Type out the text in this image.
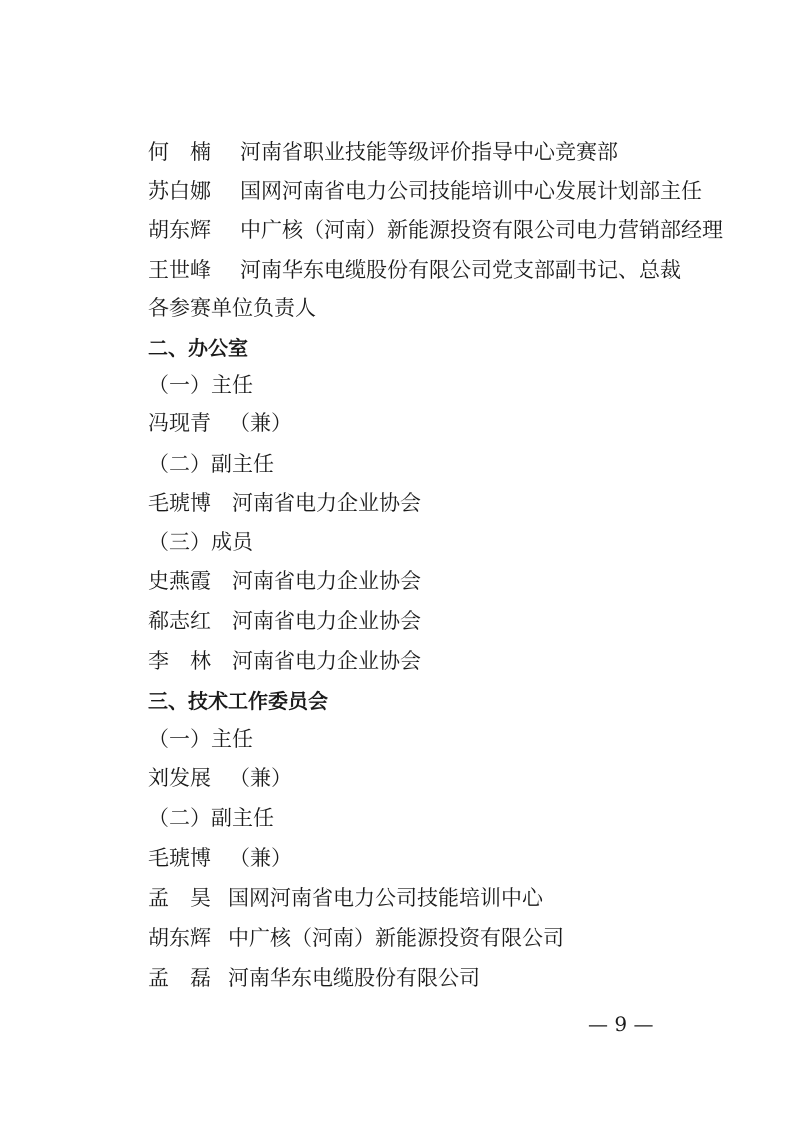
何　楠 河南省职业技能等级评价指导中心竞赛部
苏白娜 国网河南省电力公司技能培训中心发展计划部主任
胡东辉 中广核（河南）新能源投资有限公司电力营销部经理
王世峰 河南华东电缆股份有限公司党支部副书记、总裁
各参赛单位负责人
二、办公室
（一）主任
冯现青 （兼）
（二）副主任
毛琥博 河南省电力企业协会
（三）成员
史燕霞 河南省电力企业协会
郗志红 河南省电力企业协会
李　林 河南省电力企业协会
三、技术工作委员会
（一）主任
刘发展 （兼）
（二）副主任
毛琥博 （兼）
孟　昊 国网河南省电力公司技能培训中心
胡东辉 中广核（河南）新能源投资有限公司
孟　磊 河南华东电缆股份有限公司
— 9 —
